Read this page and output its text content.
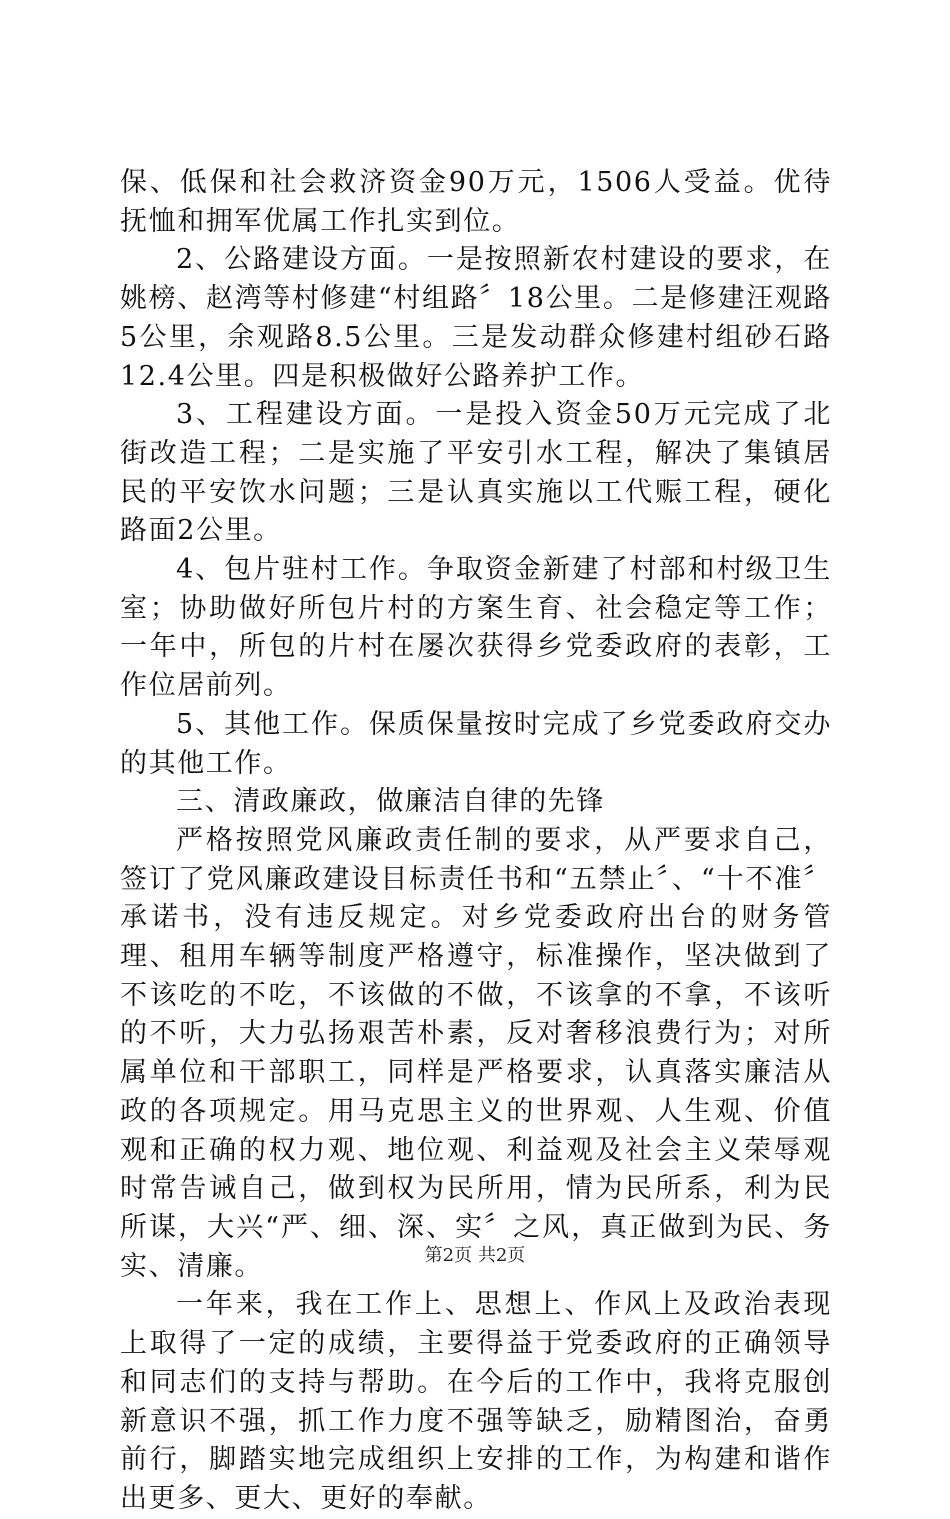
保、低保和社会救济资金90万元，1506人受益。优待抚恤和拥军优属工作扎实到位。

2、公路建设方面。一是按照新农村建设的要求，在姚榜、赵湾等村修建“村组路〞18公里。二是修建汪观路5公里，余观路8.5公里。三是发动群众修建村组砂石路12.4公里。四是积极做好公路养护工作。

3、工程建设方面。一是投入资金50万元完成了北街改造工程；二是实施了平安引水工程，解决了集镇居民的平安饮水问题；三是认真实施以工代赈工程，硬化路面2公里。

4、包片驻村工作。争取资金新建了村部和村级卫生室；协助做好所包片村的方案生育、社会稳定等工作；一年中，所包的片村在屡次获得乡党委政府的表彰，工作位居前列。

5、其他工作。保质保量按时完成了乡党委政府交办的其他工作。

三、清政廉政，做廉洁自律的先锋

严格按照党风廉政责任制的要求，从严要求自己，签订了党风廉政建设目标责任书和“五禁止〞、“十不准〞承诺书，没有违反规定。对乡党委政府出台的财务管理、租用车辆等制度严格遵守，标准操作，坚决做到了不该吃的不吃，不该做的不做，不该拿的不拿，不该听的不听，大力弘扬艰苦朴素，反对奢移浪费行为；对所属单位和干部职工，同样是严格要求，认真落实廉洁从政的各项规定。用马克思主义的世界观、人生观、价值观和正确的权力观、地位观、利益观及社会主义荣辱观时常告诫自己，做到权为民所用，情为民所系，利为民所谋，大兴“严、细、深、实〞之风，真正做到为民、务实、清廉。

一年来，我在工作上、思想上、作风上及政治表现上取得了一定的成绩，主要得益于党委政府的正确领导和同志们的支持与帮助。在今后的工作中，我将克服创新意识不强，抓工作力度不强等缺乏，励精图治，奋勇前行，脚踏实地完成组织上安排的工作，为构建和谐作出更多、更大、更好的奉献。

第2页 共2页
